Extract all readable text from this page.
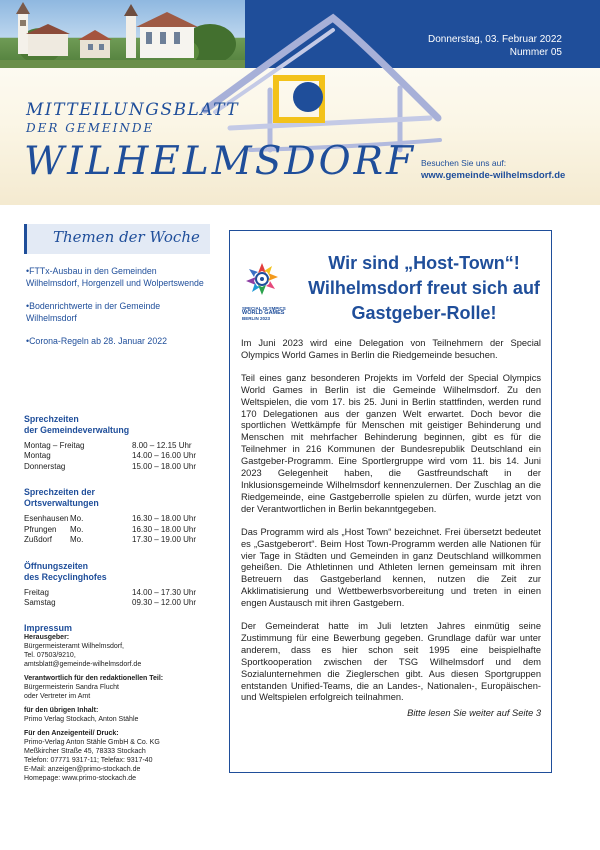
Donnerstag, 03. Februar 2022
Nummer 05
MITTEILUNGSBLATT
DER GEMEINDE
WILHELMSDORF Besuchen Sie uns auf:
www.gemeinde-wilhelmsdorf.de
Themen der Woche
•FTTx-Ausbau in den Gemeinden Wilhelmsdorf, Horgenzell und Wolpertswende
•Bodenrichtwerte in der Gemeinde Wilhelmsdorf
•Corona-Regeln ab 28. Januar 2022
Sprechzeiten
der Gemeindeverwaltung
Montag – Freitag	8.00 – 12.15 Uhr
Montag	14.00 – 16.00 Uhr
Donnerstag	15.00 – 18.00 Uhr
Sprechzeiten der
Ortsverwaltungen
Esenhausen Mo.	16.30 – 18.00 Uhr
Pfrungen	Mo.	16.30 – 18.00 Uhr
Zußdorf	Mo.	17.30 – 19.00 Uhr
Öffnungszeiten
des Recyclinghofes
Freitag	14.00 – 17.30 Uhr
Samstag	09.30 – 12.00 Uhr
Impressum
Herausgeber:
Bürgermeisteramt Wilhelmsdorf,
Tel. 07503/9210,
amtsblatt@gemeinde-wilhelmsdorf.de
Verantwortlich für den redaktionellen Teil:
Bürgermeisterin Sandra Flucht
oder Vertreter im Amt
für den übrigen Inhalt:
Primo Verlag Stockach, Anton Stähle
Für den Anzeigenteil/ Druck:
Primo-Verlag Anton Stähle GmbH & Co. KG
Meßkircher Straße 45, 78333 Stockach
Telefon: 07771 9317-11; Telefax: 9317-40
E-Mail: anzeigen@primo-stockach.de
Homepage: www.primo-stockach.de
SPECIAL OLYMPICS
WORLD GAMES
BERLIN 2023
Wir sind „Host-Town“!
Wilhelmsdorf freut sich auf
Gastgeber-Rolle!

Im Juni 2023 wird eine Delegation von Teilnehmern der Special Olympics World Games in Berlin die Riedgemeinde besuchen.

Teil eines ganz besonderen Projekts im Vorfeld der Special Olympics World Games in Berlin ist die Gemeinde Wilhelmsdorf. Zu den Weltspielen, die vom 17. bis 25. Juni in Berlin stattfinden, werden rund 170 Delegationen aus der ganzen Welt erwartet. Doch bevor die sportlichen Wettkämpfe für Menschen mit geistiger Behinderung und Menschen mit mehrfacher Behinderung beginnen, gibt es für die Teilnehmer in 216 Kommunen der Bundesrepublik Deutschland ein Gastgeber-Programm. Eine Sportlergruppe wird vom 11. bis 14. Juni 2023 Gelegenheit haben, die Gastfreundschaft in der Inklusionsgemeinde Wilhelmsdorf kennenzulernen. Der Zuschlag an die Riedgemeinde, eine Gastgeberrolle spielen zu dürfen, wurde jetzt von der Verantwortlichen in Berlin bekanntgegeben.

Das Programm wird als „Host Town“ bezeichnet. Frei übersetzt bedeutet es „Gastgeberort“. Beim Host Town-Programm werden alle Nationen für vier Tage in Städten und Gemeinden in ganz Deutschland willkommen geheißen. Die Athletinnen und Athleten lernen gemeinsam mit ihren Betreuern das Gastgeberland kennen, nutzen die Zeit zur Akklimatisierung und Wettbewerbsvorbereitung und treten in einen engen Austausch mit ihren Gastgebern.

Der Gemeinderat hatte im Juli letzten Jahres einmütig seine Zustimmung für eine Bewerbung gegeben. Grundlage dafür war unter anderem, dass es hier schon seit 1995 eine beispielhafte Sportkooperation zwischen der TSG Wilhelmsdorf und dem Sozialunternehmen die Zieglerschen gibt. Aus diesen Sportgruppen entstanden Unified-Teams, die an Landes-, Nationalen-, Europäischen- und Weltspielen erfolgreich teilnahmen.

Bitte lesen Sie weiter auf Seite 3
